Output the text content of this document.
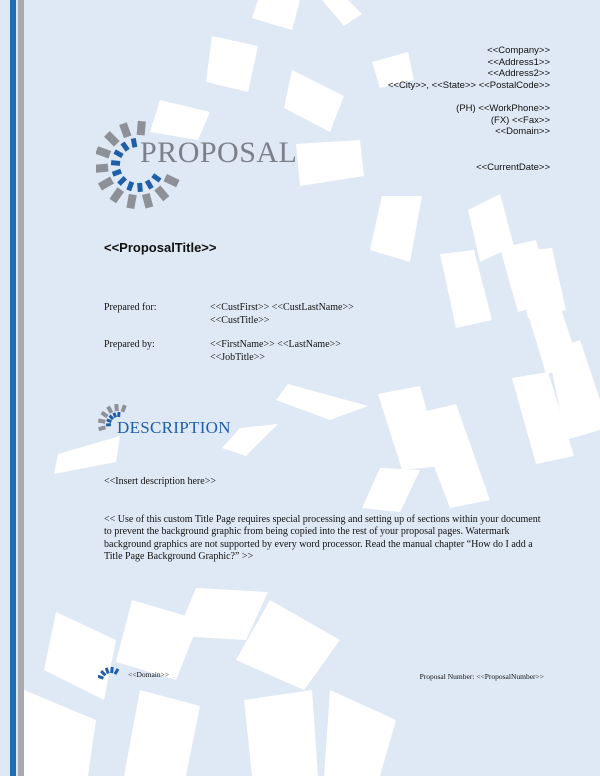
<<Company>>
<<Address1>>
<<Address2>>
<<City>>, <<State>> <<PostalCode>>
(PH) <<WorkPhone>>
(FX) <<Fax>>
<<Domain>>
<<CurrentDate>>
PROPOSAL
<<ProposalTitle>>
Prepared for:	<<CustFirst>> <<CustLastName>>
<<CustTitle>>
Prepared by:	<<FirstName>> <<LastName>>
<<JobTitle>>
DESCRIPTION
<<Insert description here>>
<< Use of this custom Title Page requires special processing and setting up of sections within your document to prevent the background graphic from being copied into the rest of your proposal pages. Watermark background graphics are not supported by every word processor. Read the manual chapter “How do I add a Title Page Background Graphic?” >>
<<Domain>>	Proposal Number: <<ProposalNumber>>
